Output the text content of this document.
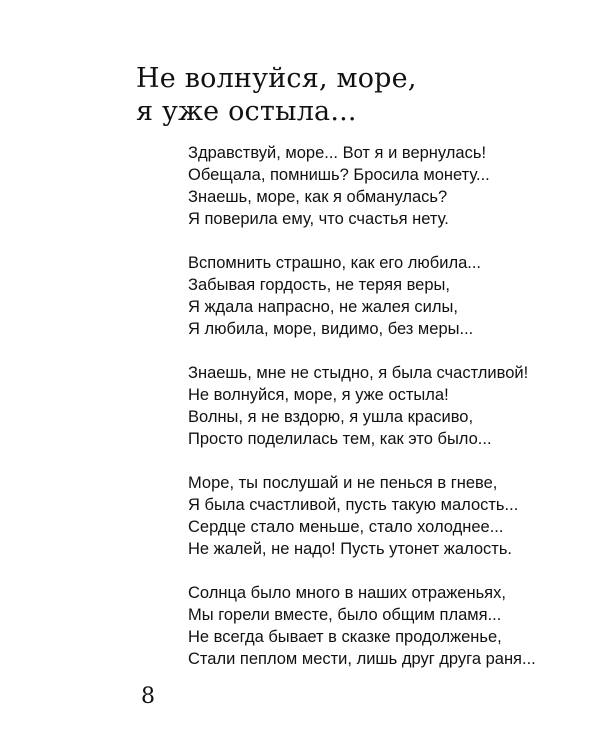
Не волнуйся, море,
я уже остыла...
Здравствуй, море... Вот я и вернулась!
Обещала, помнишь? Бросила монету...
Знаешь, море, как я обманулась?
Я поверила ему, что счастья нету.
Вспомнить страшно, как его любила...
Забывая гордость, не теряя веры,
Я ждала напрасно, не жалея силы,
Я любила, море, видимо, без меры...
Знаешь, мне не стыдно, я была счастливой!
Не волнуйся, море, я уже остыла!
Волны, я не вздорю, я ушла красиво,
Просто поделилась тем, как это было...
Море, ты послушай и не пенься в гневе,
Я была счастливой, пусть такую малость...
Сердце стало меньше, стало холоднее...
Не жалей, не надо! Пусть утонет жалость.
Солнца было много в наших отраженьях,
Мы горели вместе, было общим пламя...
Не всегда бывает в сказке продолженье,
Стали пеплом мести, лишь друг друга раня...
8
